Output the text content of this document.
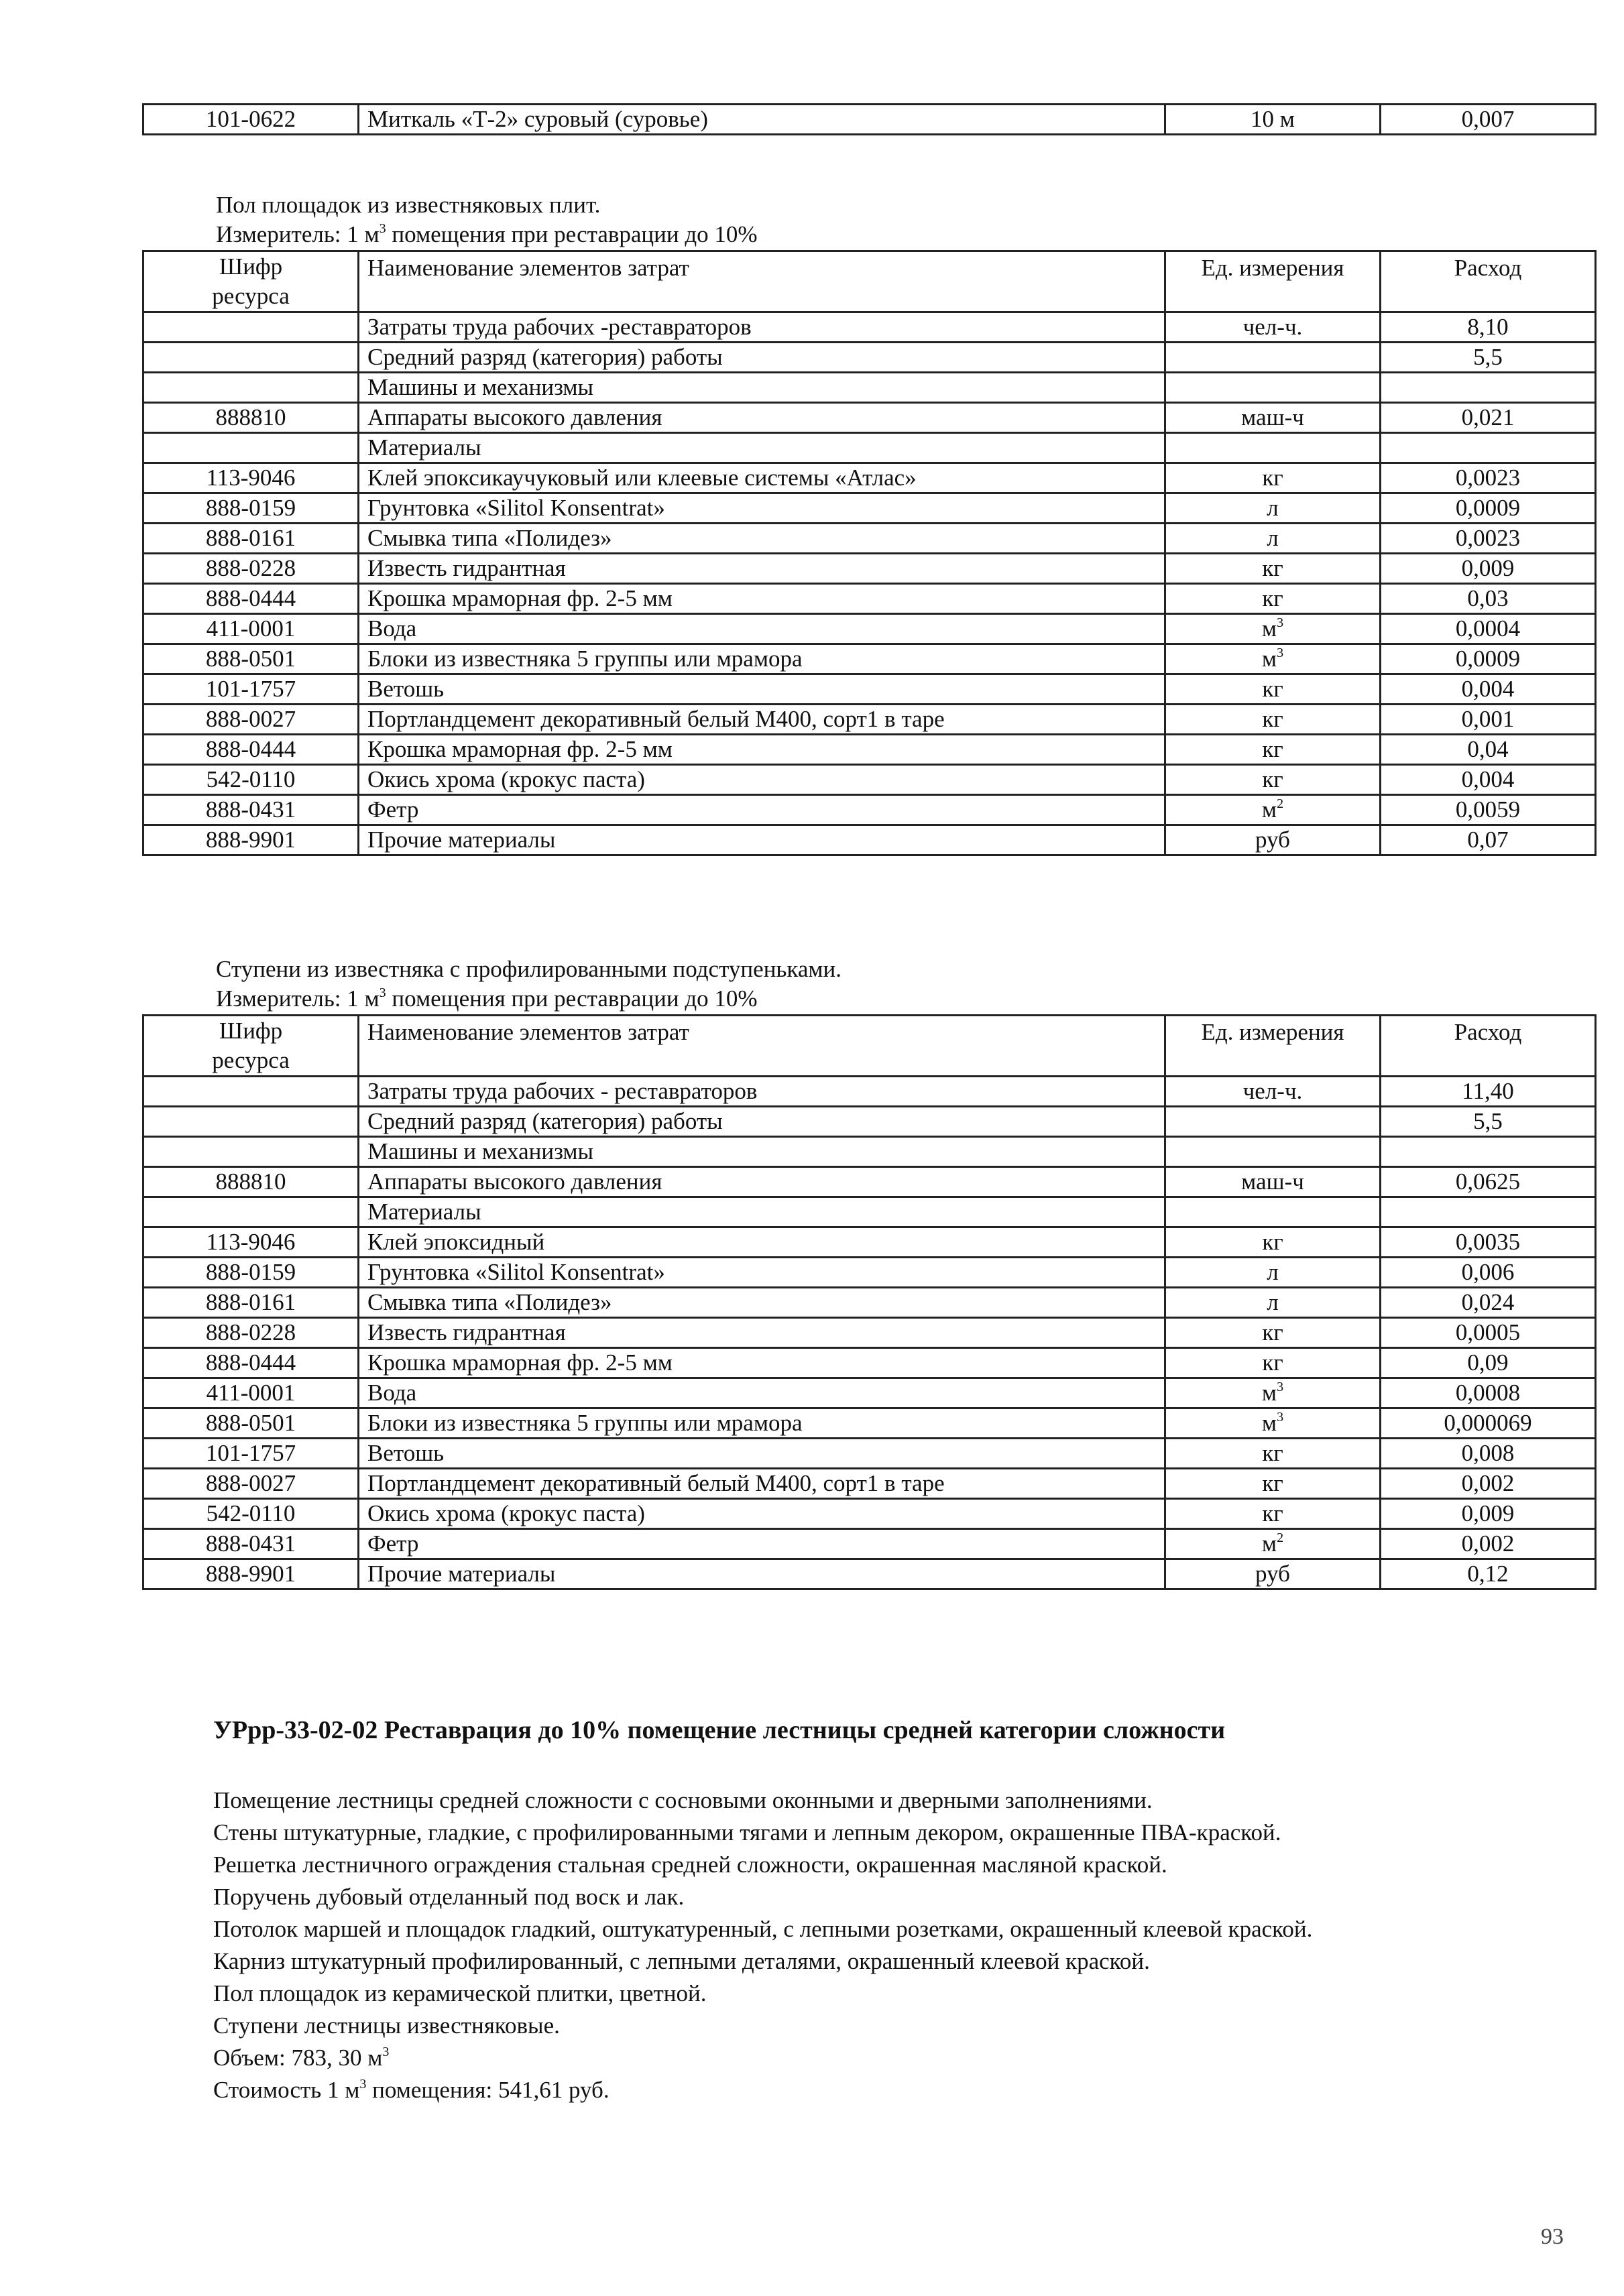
101-0622	Миткаль «Т-2» суровый (суровье)	10 м	0,007
Пол площадок из известняковых плит.
Измеритель: 1 $м^3$ помещения при реставрации до 10%
Шифр
ресурса	Наименование элементов затрат	Ед. измерения	Расход
	Затраты труда рабочих -реставраторов	чел-ч.	8,10
	Средний разряд (категория) работы		5,5
	Машины и механизмы		
888810	Аппараты высокого давления	маш-ч	0,021
	Материалы		
113-9046	Клей эпоксикаучуковый или клеевые системы «Атлас»	кг	0,0023
888-0159	Грунтовка «Silitol Konsentrat»	л	0,0009
888-0161	Смывка типа «Полидез»	л	0,0023
888-0228	Известь гидрантная	кг	0,009
888-0444	Крошка мраморная фр. 2-5 мм	кг	0,03
411-0001	Вода	$м^3$	0,0004
888-0501	Блоки из известняка 5 группы или мрамора	$м^3$	0,0009
101-1757	Ветошь	кг	0,004
888-0027	Портландцемент декоративный белый М400, сорт1 в таре	кг	0,001
888-0444	Крошка мраморная фр. 2-5 мм	кг	0,04
542-0110	Окись хрома (крокус паста)	кг	0,004
888-0431	Фетр	$м^2$	0,0059
888-9901	Прочие материалы	руб	0,07
Ступени из известняка с профилированными подступеньками.
Измеритель: 1 $м^3$ помещения при реставрации до 10%
Шифр
ресурса	Наименование элементов затрат	Ед. измерения	Расход
	Затраты труда рабочих - реставраторов	чел-ч.	11,40
	Средний разряд (категория) работы		5,5
	Машины и механизмы		
888810	Аппараты высокого давления	маш-ч	0,0625
	Материалы		
113-9046	Клей эпоксидный	кг	0,0035
888-0159	Грунтовка «Silitol Konsentrat»	л	0,006
888-0161	Смывка типа «Полидез»	л	0,024
888-0228	Известь гидрантная	кг	0,0005
888-0444	Крошка мраморная фр. 2-5 мм	кг	0,09
411-0001	Вода	$м^3$	0,0008
888-0501	Блоки из известняка 5 группы или мрамора	$м^3$	0,000069
101-1757	Ветошь	кг	0,008
888-0027	Портландцемент декоративный белый М400, сорт1 в таре	кг	0,002
542-0110	Окись хрома (крокус паста)	кг	0,009
888-0431	Фетр	$м^2$	0,002
888-9901	Прочие материалы	руб	0,12
УРрр-33-02-02 Реставрация до 10% помещение лестницы средней категории сложности

Помещение лестницы средней сложности с сосновыми оконными и дверными заполнениями.

Стены штукатурные, гладкие, с профилированными тягами и лепным декором, окрашенные ПВА-краской.

Решетка лестничного ограждения стальная средней сложности, окрашенная масляной краской.

Поручень дубовый отделанный под воск и лак.

Потолок маршей и площадок гладкий, оштукатуренный, с лепными розетками, окрашенный клеевой краской.

Карниз штукатурный профилированный, с лепными деталями, окрашенный клеевой краской.

Пол площадок из керамической плитки, цветной.

Ступени лестницы известняковые.

Объем: 783, 30 $м^3$

Стоимость 1 $м^3$ помещения: 541,61 руб.

93
